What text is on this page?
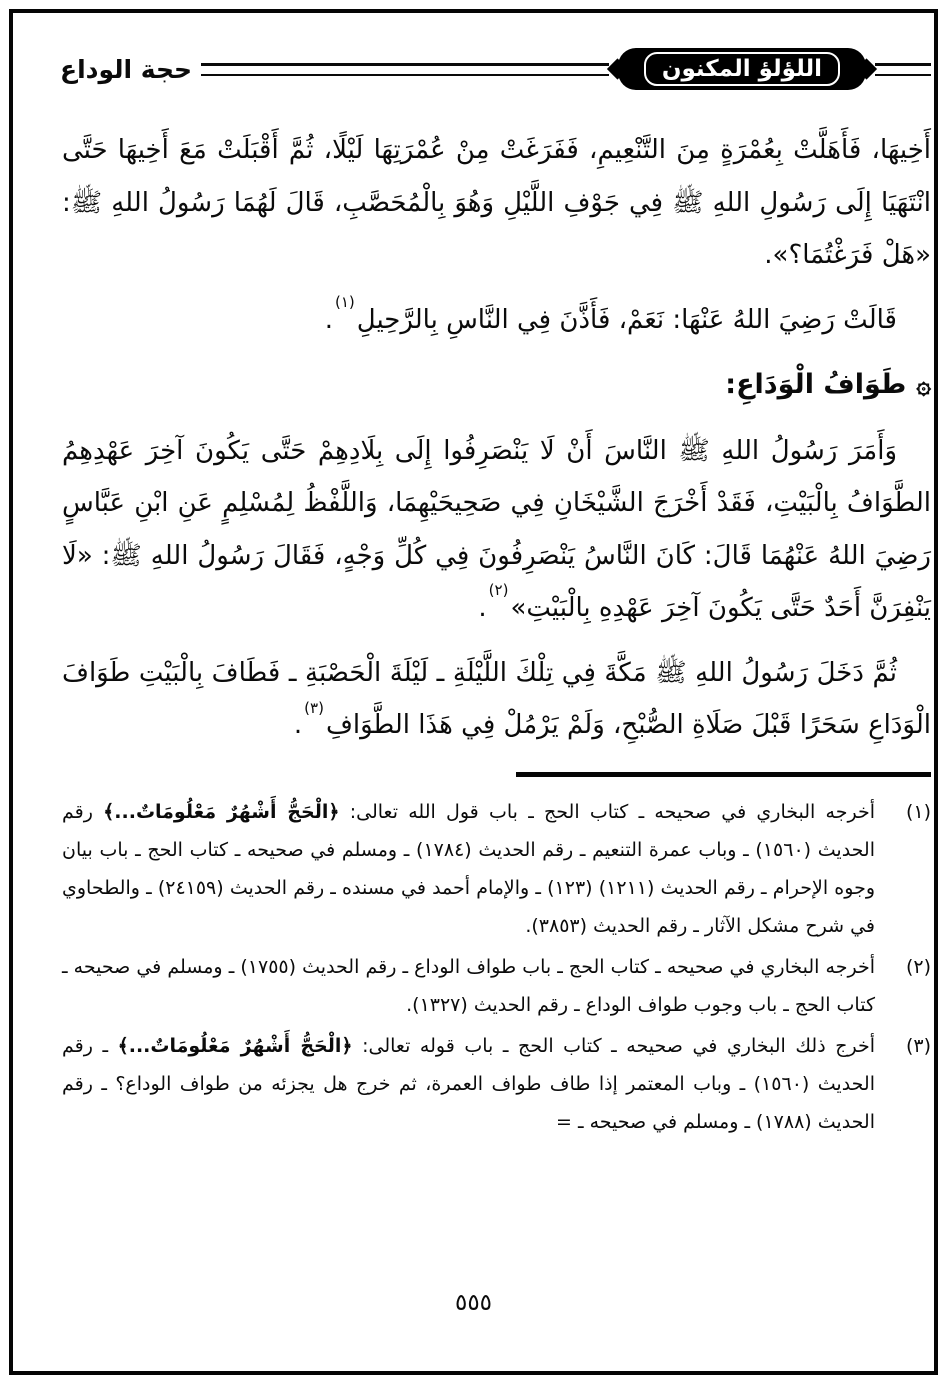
اللؤلؤ المكنون
حجة الوداع

أَخِيهَا، فَأَهَلَّتْ بِعُمْرَةٍ مِنَ التَّنْعِيمِ، فَفَرَغَتْ مِنْ عُمْرَتِهَا لَيْلًا، ثُمَّ أَقْبَلَتْ مَعَ أَخِيهَا حَتَّى انْتَهَيَا إِلَى رَسُولِ اللهِ ﷺ فِي جَوْفِ اللَّيْلِ وَهُوَ بِالْمُحَصَّبِ، قَالَ لَهُمَا رَسُولُ اللهِ ﷺ: «هَلْ فَرَغْتُمَا؟».

قَالَتْ رَضِيَ اللهُ عَنْهَا: نَعَمْ، فَأَذَّنَ فِي النَّاسِ بِالرَّحِيلِ$^{(١)}$.

۞طَوَافُ الْوَدَاعِ:

وَأَمَرَ رَسُولُ اللهِ ﷺ النَّاسَ أَنْ لَا يَنْصَرِفُوا إِلَى بِلَادِهِمْ حَتَّى يَكُونَ آخِرَ عَهْدِهِمُ الطَّوَافُ بِالْبَيْتِ، فَقَدْ أَخْرَجَ الشَّيْخَانِ فِي صَحِيحَيْهِمَا، وَاللَّفْظُ لِمُسْلِمٍ عَنِ ابْنِ عَبَّاسٍ رَضِيَ اللهُ عَنْهُمَا قَالَ: كَانَ النَّاسُ يَنْصَرِفُونَ فِي كُلِّ وَجْهٍ، فَقَالَ رَسُولُ اللهِ ﷺ: «لَا يَنْفِرَنَّ أَحَدٌ حَتَّى يَكُونَ آخِرَ عَهْدِهِ بِالْبَيْتِ»$^{(٢)}$.

ثُمَّ دَخَلَ رَسُولُ اللهِ ﷺ مَكَّةَ فِي تِلْكَ اللَّيْلَةِ ـ لَيْلَةَ الْحَصْبَةِ ـ فَطَافَ بِالْبَيْتِ طَوَافَ الْوَدَاعِ سَحَرًا قَبْلَ صَلَاةِ الصُّبْحِ، وَلَمْ يَرْمُلْ فِي هَذَا الطَّوَافِ$^{(٣)}$.

(١)
أخرجه البخاري في صحيحه ـ كتاب الحج ـ باب قول الله تعالى: ﴿الْحَجُّ أَشْهُرٌ مَعْلُومَاتٌ...﴾ رقم الحديث (١٥٦٠) ـ وباب عمرة التنعيم ـ رقم الحديث (١٧٨٤) ـ ومسلم في صحيحه ـ كتاب الحج ـ باب بيان وجوه الإحرام ـ رقم الحديث (١٢١١) (١٢٣) ـ والإمام أحمد في مسنده ـ رقم الحديث (٢٤١٥٩) ـ والطحاوي في شرح مشكل الآثار ـ رقم الحديث (٣٨٥٣).
(٢)
أخرجه البخاري في صحيحه ـ كتاب الحج ـ باب طواف الوداع ـ رقم الحديث (١٧٥٥) ـ ومسلم في صحيحه ـ كتاب الحج ـ باب وجوب طواف الوداع ـ رقم الحديث (١٣٢٧).
(٣)
أخرج ذلك البخاري في صحيحه ـ كتاب الحج ـ باب قوله تعالى: ﴿الْحَجُّ أَشْهُرٌ مَعْلُومَاتٌ...﴾ ـ رقم الحديث (١٥٦٠) ـ وباب المعتمر إذا طاف طواف العمرة، ثم خرج هل يجزئه من طواف الوداع؟ ـ رقم الحديث (١٧٨٨) ـ ومسلم في صحيحه ـ =
٥٥٥
